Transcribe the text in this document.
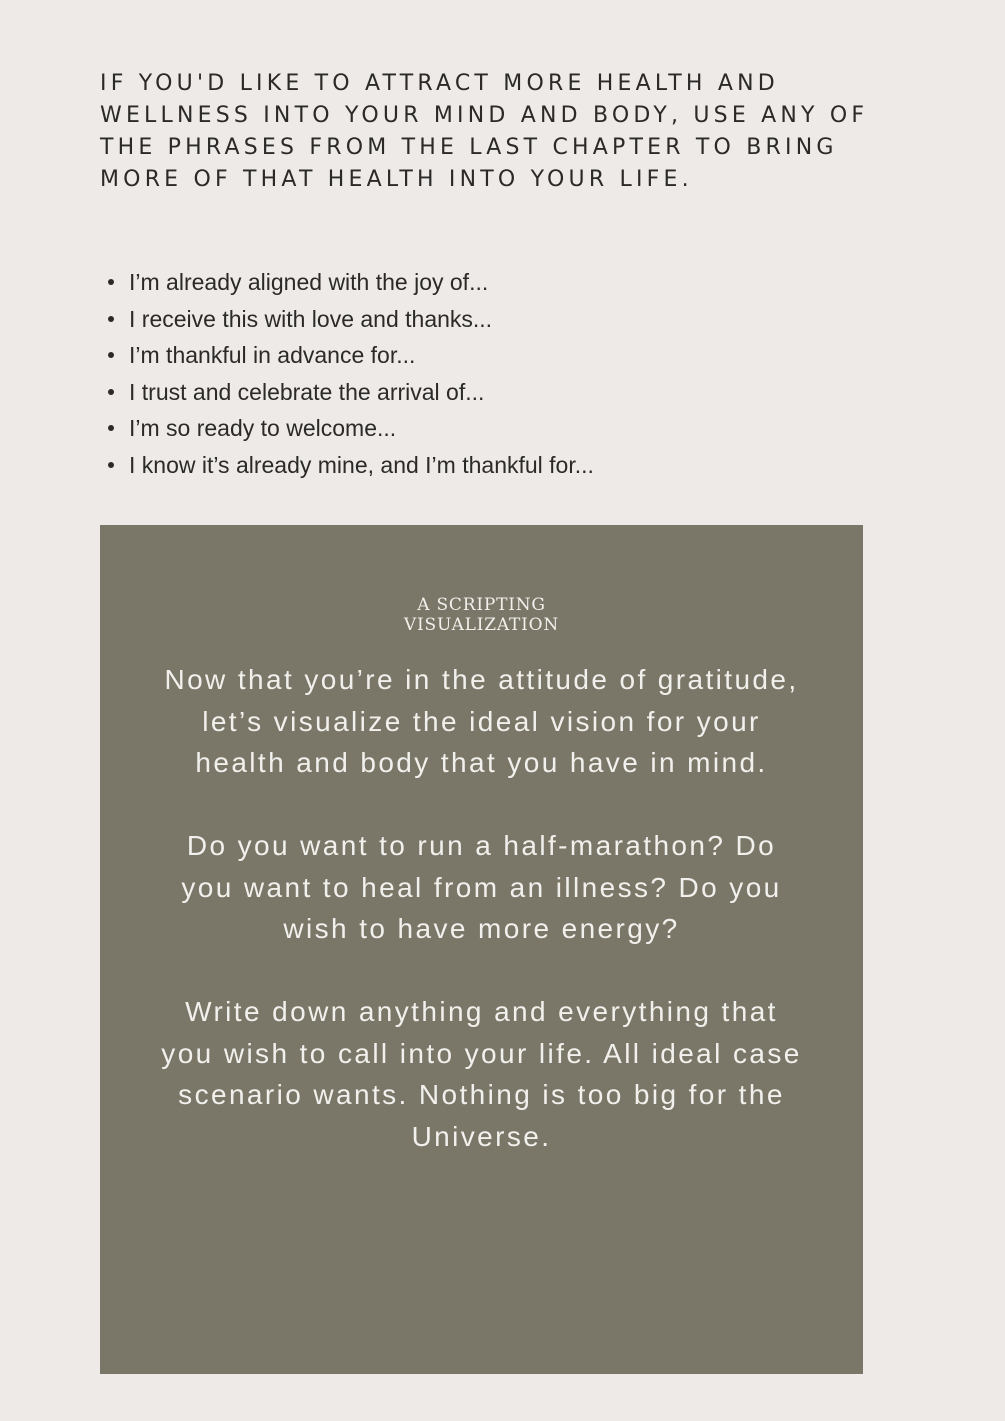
IF YOU'D LIKE TO ATTRACT MORE HEALTH AND WELLNESS INTO YOUR MIND AND BODY, USE ANY OF THE PHRASES FROM THE LAST CHAPTER TO BRING MORE OF THAT HEALTH INTO YOUR LIFE.

I’m already aligned with the joy of...
I receive this with love and thanks...
I’m thankful in advance for...
I trust and celebrate the arrival of...
I’m so ready to welcome...
I know it’s already mine, and I’m thankful for...
A SCRIPTING
VISUALIZATION

Now that you’re in the attitude of gratitude, let’s visualize the ideal vision for your health and body that you have in mind.

Do you want to run a half-marathon? Do you want to heal from an illness? Do you wish to have more energy?

Write down anything and everything that you wish to call into your life. All ideal case scenario wants. Nothing is too big for the Universe.
